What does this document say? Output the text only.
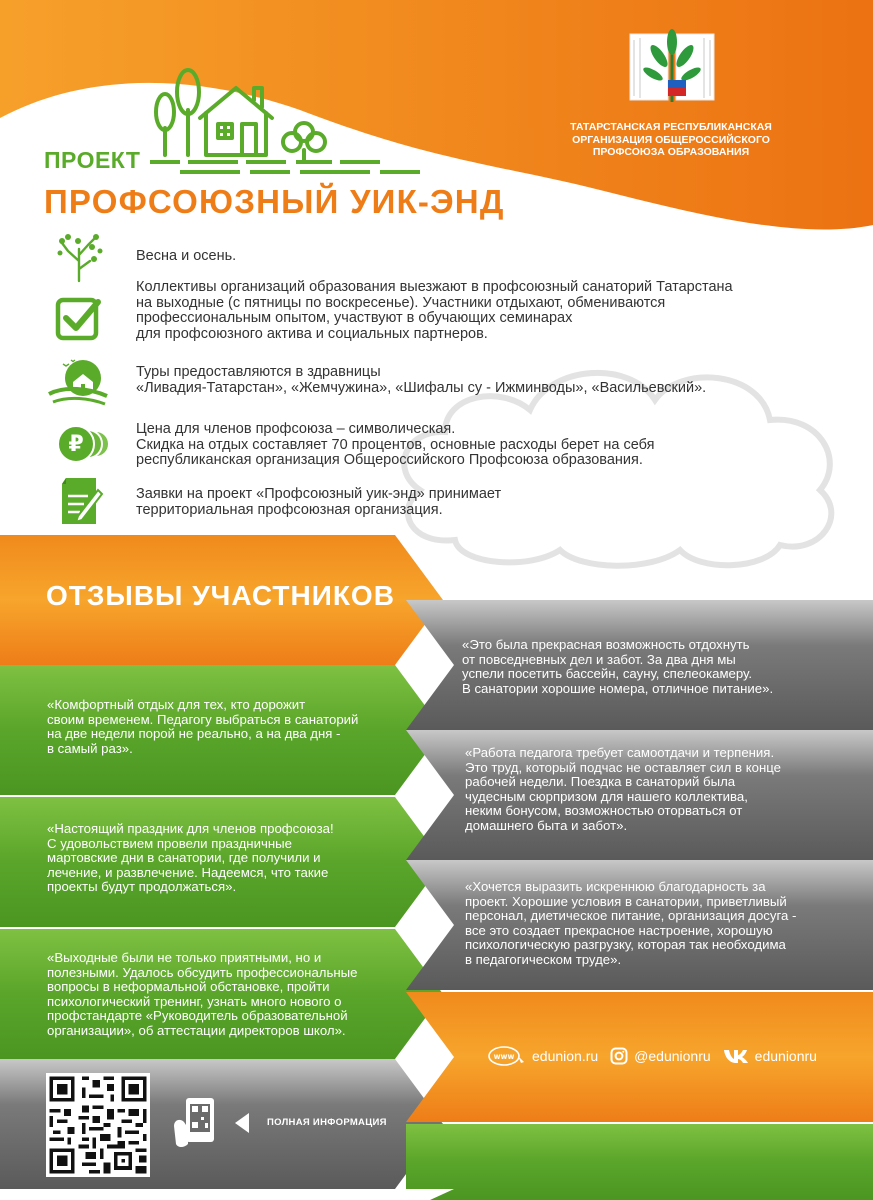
ТАТАРСТАНСКАЯ РЕСПУБЛИКАНСКАЯ
ОРГАНИЗАЦИЯ ОБЩЕРОССИЙСКОГО
ПРОФСОЮЗА ОБРАЗОВАНИЯ
ПРОЕКТ
ПРОФСОЮЗНЫЙ УИК-ЭНД
Весна и осень.
Коллективы организаций образования выезжают в профсоюзный санаторий Татарстана
на выходные (с пятницы по воскресенье). Участники отдыхают, обмениваются
профессиональным опытом, участвуют в обучающих семинарах
для профсоюзного актива и социальных партнеров.
Туры предоставляются в здравницы
«Ливадия-Татарстан», «Жемчужина», «Шифалы су - Ижминводы», «Васильевский».
₽
Цена для членов профсоюза – символическая.
Скидка на отдых составляет 70 процентов, основные расходы берет на себя
республиканская организация Общероссийского Профсоюза образования.
Заявки на проект «Профсоюзный уик-энд» принимает
территориальная профсоюзная организация.
ОТЗЫВЫ УЧАСТНИКОВ
«Комфортный отдых для тех, кто дорожит
своим временем. Педагогу выбраться в санаторий
на две недели порой не реально, а на два дня -
в самый раз».
«Настоящий праздник для членов профсоюза!
С удовольствием провели праздничные
мартовские дни в санатории, где получили и
лечение, и развлечение. Надеемся, что такие
проекты будут продолжаться».
«Выходные были не только приятными, но и
полезными. Удалось обсудить профессиональные
вопросы в неформальной обстановке, пройти
психологический тренинг, узнать много нового о
профстандарте «Руководитель образовательной
организации», об аттестации директоров школ».
«Это была прекрасная возможность отдохнуть
от повседневных дел и забот. За два дня мы
успели посетить бассейн, сауну, спелеокамеру.
В санатории хорошие номера, отличное питание».
«Работа педагога требует самоотдачи и терпения.
Это труд, который подчас не оставляет сил в конце
рабочей недели. Поездка в санаторий была
чудесным сюрпризом для нашего коллектива,
неким бонусом, возможностью оторваться от
домашнего быта и забот».
«Хочется выразить искреннюю благодарность за
проект. Хорошие условия в санатории, приветливый
персонал, диетическое питание, организация досуга -
все это создает прекрасное настроение, хорошую
психологическую разгрузку, которая так необходима
в педагогическом труде».
www edunion.ru	@edunionru	edunionru
ПОЛНАЯ ИНФОРМАЦИЯ
